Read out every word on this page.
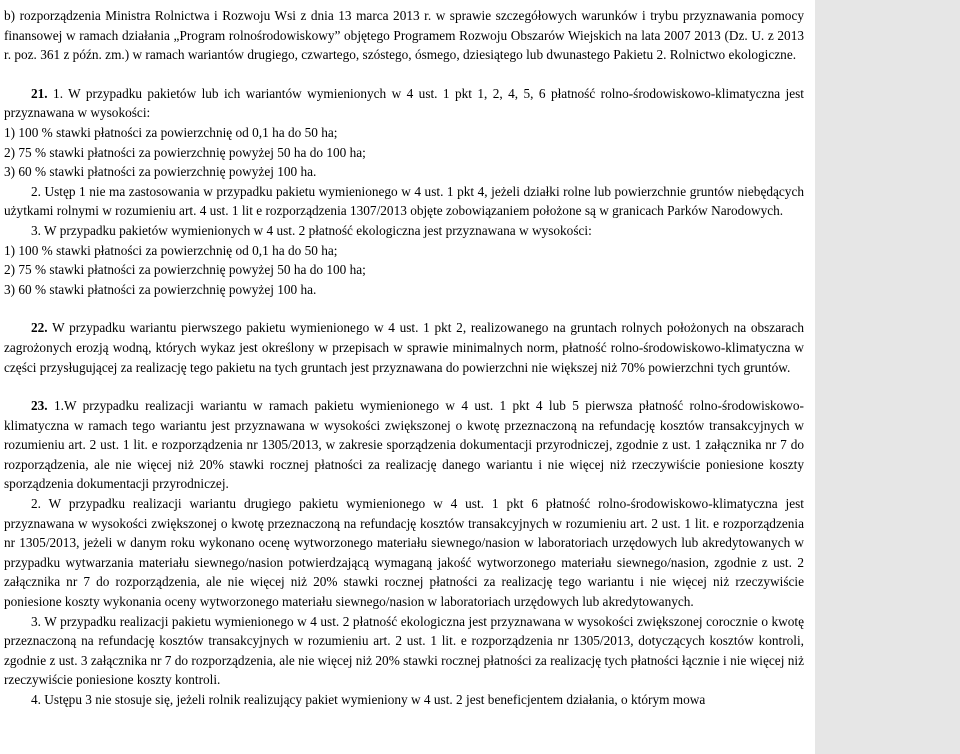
b) rozporządzenia Ministra Rolnictwa i Rozwoju Wsi z dnia 13 marca 2013 r. w sprawie szczegółowych warunków i trybu przyznawania pomocy finansowej w ramach działania „Program rolnośrodowiskowy” objętego Programem Rozwoju Obszarów Wiejskich na lata 2007 2013 (Dz. U. z 2013 r. poz. 361 z późn. zm.) w ramach wariantów drugiego, czwartego, szóstego, ósmego, dziesiątego lub dwunastego Pakietu 2. Rolnictwo ekologiczne.

21. 1. W przypadku pakietów lub ich wariantów wymienionych w 4 ust. 1 pkt 1, 2, 4, 5, 6 płatność rolno-środowiskowo-klimatyczna jest przyznawana w wysokości:

1) 100 % stawki płatności za powierzchnię od 0,1 ha do 50 ha;

2) 75 % stawki płatności za powierzchnię powyżej 50 ha do 100 ha;

3) 60 % stawki płatności za powierzchnię powyżej 100 ha.

2. Ustęp 1 nie ma zastosowania w przypadku pakietu wymienionego w 4 ust. 1 pkt 4, jeżeli działki rolne lub powierzchnie gruntów niebędących użytkami rolnymi w rozumieniu art. 4 ust. 1 lit e rozporządzenia 1307/2013 objęte zobowiązaniem położone są w granicach Parków Narodowych.

3. W przypadku pakietów wymienionych w 4 ust. 2 płatność ekologiczna jest przyznawana w wysokości:

1) 100 % stawki płatności za powierzchnię od 0,1 ha do 50 ha;

2) 75 % stawki płatności za powierzchnię powyżej 50 ha do 100 ha;

3) 60 % stawki płatności za powierzchnię powyżej 100 ha.

22. W przypadku wariantu pierwszego pakietu wymienionego w 4 ust. 1 pkt 2, realizowanego na gruntach rolnych położonych na obszarach zagrożonych erozją wodną, których wykaz jest określony w przepisach w sprawie minimalnych norm, płatność rolno-środowiskowo-klimatyczna w części przysługującej za realizację tego pakietu na tych gruntach jest przyznawana do powierzchni nie większej niż 70% powierzchni tych gruntów.

23. 1.W przypadku realizacji wariantu w ramach pakietu wymienionego w 4 ust. 1 pkt 4 lub 5 pierwsza płatność rolno-środowiskowo-klimatyczna w ramach tego wariantu jest przyznawana w wysokości zwiększonej o kwotę przeznaczoną na refundację kosztów transakcyjnych w rozumieniu art. 2 ust. 1 lit. e rozporządzenia nr 1305/2013, w zakresie sporządzenia dokumentacji przyrodniczej, zgodnie z ust. 1 załącznika nr 7 do rozporządzenia, ale nie więcej niż 20% stawki rocznej płatności za realizację danego wariantu i nie więcej niż rzeczywiście poniesione koszty sporządzenia dokumentacji przyrodniczej.

2. W przypadku realizacji wariantu drugiego pakietu wymienionego w 4 ust. 1 pkt 6 płatność rolno-środowiskowo-klimatyczna jest przyznawana w wysokości zwiększonej o kwotę przeznaczoną na refundację kosztów transakcyjnych w rozumieniu art. 2 ust. 1 lit. e rozporządzenia nr 1305/2013, jeżeli w danym roku wykonano ocenę wytworzonego materiału siewnego/nasion w laboratoriach urzędowych lub akredytowanych w przypadku wytwarzania materiału siewnego/nasion potwierdzającą wymaganą jakość wytworzonego materiału siewnego/nasion, zgodnie z ust. 2 załącznika nr 7 do rozporządzenia, ale nie więcej niż 20% stawki rocznej płatności za realizację tego wariantu i nie więcej niż rzeczywiście poniesione koszty wykonania oceny wytworzonego materiału siewnego/nasion w laboratoriach urzędowych lub akredytowanych.

3. W przypadku realizacji pakietu wymienionego w 4 ust. 2 płatność ekologiczna jest przyznawana w wysokości zwiększonej corocznie o kwotę przeznaczoną na refundację kosztów transakcyjnych w rozumieniu art. 2 ust. 1 lit. e rozporządzenia nr 1305/2013, dotyczących kosztów kontroli, zgodnie z ust. 3 załącznika nr 7 do rozporządzenia, ale nie więcej niż 20% stawki rocznej płatności za realizację tych płatności łącznie i nie więcej niż rzeczywiście poniesione koszty kontroli.

4. Ustępu 3 nie stosuje się, jeżeli rolnik realizujący pakiet wymieniony w 4 ust. 2 jest beneficjentem działania, o którym mowa
